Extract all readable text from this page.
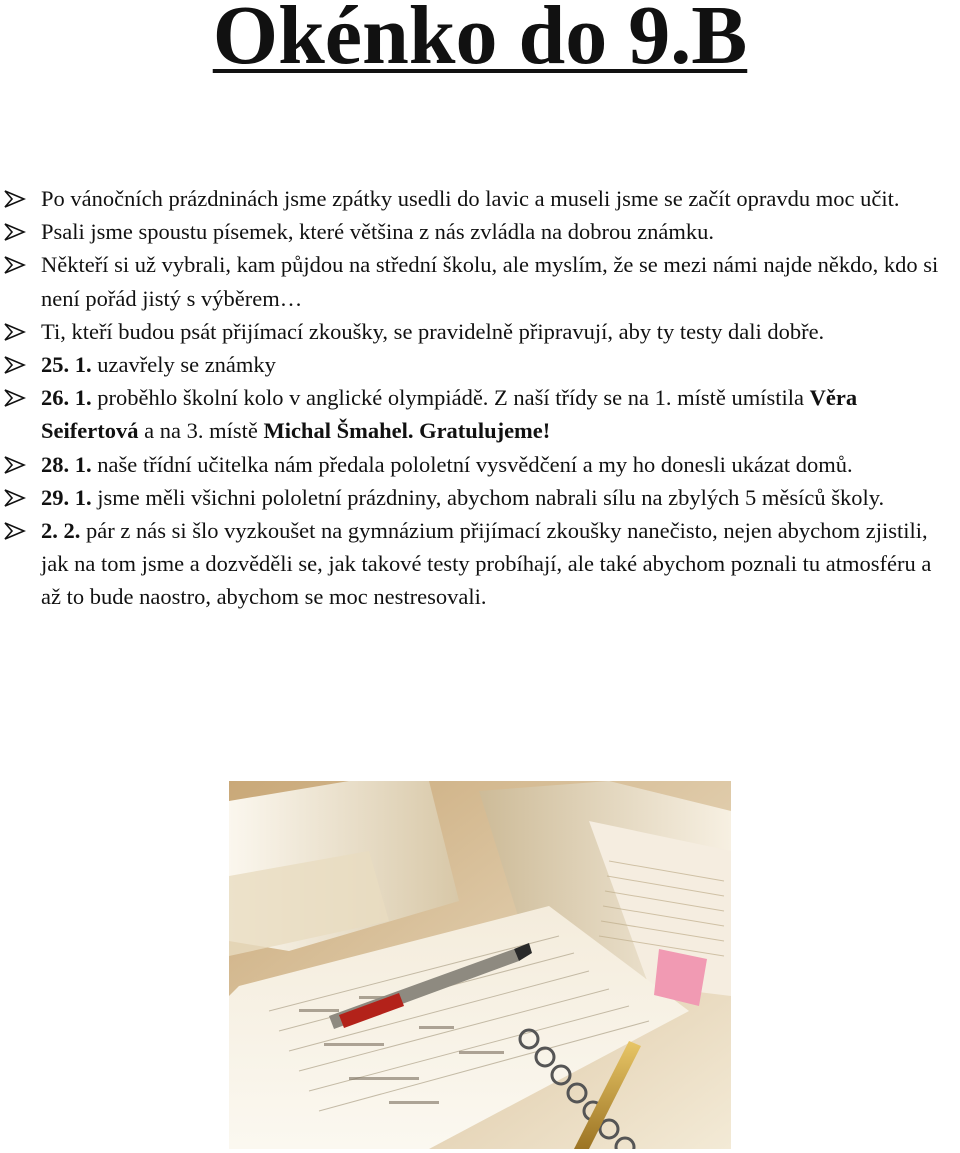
Okénko do 9.B
Po vánočních prázdninách jsme zpátky usedli do lavic a museli jsme se začít opravdu moc učit.
Psali jsme spoustu písemek, které většina z nás zvládla na dobrou známku.
Někteří si už vybrali, kam půjdou na střední školu, ale myslím, že se mezi námi najde někdo, kdo si není pořád jistý s výběrem…
Ti, kteří budou psát přijímací zkoušky, se pravidelně připravují, aby ty testy dali dobře.
25. 1. uzavřely se známky
26. 1. proběhlo školní kolo v anglické olympiádě. Z naší třídy se na 1. místě umístila Věra Seifertová a na 3. místě Michal Šmahel. Gratulujeme!
28. 1. naše třídní učitelka nám předala pololetní vysvědčení a my ho donesli ukázat domů.
29. 1. jsme měli všichni pololetní prázdniny, abychom nabrali sílu na zbylých 5 měsíců školy.
2. 2. pár z nás si šlo vyzkoušet na gymnázium přijímací zkoušky nanečisto, nejen abychom zjistili, jak na tom jsme a dozvěděli se, jak takové testy probíhají, ale také abychom poznali tu atmosféru a až to bude naostro, abychom se moc nestresovali.
